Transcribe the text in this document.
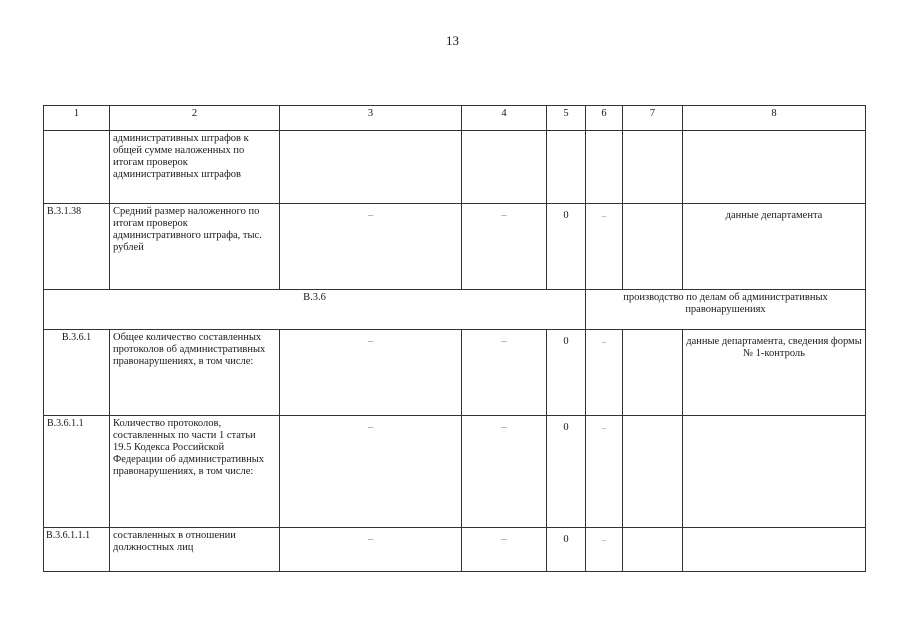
13
1	2	3	4	5	6	7	8
	административных штрафов к общей сумме наложенных по итогам проверок административных штрафов						
В.3.1.38	Средний размер наложенного по итогам проверок административного штрафа, тыс. рублей	–	–	0	–		данные департамента
В.3.6					производство по делам об административных правонарушениях		
В.3.6.1	Общее количество составленных протоколов об административных правонарушениях, в том числе:	–	–	0	–		данные департамента, сведения формы № 1-контроль
В.3.6.1.1	Количество протоколов, составленных по части 1 статьи 19.5 Кодекса Российской Федерации об административных правонарушениях, в том числе:	–	–	0	–		
В.3.6.1.1.1	составленных в отношении должностных лиц	–	–	0	–		
